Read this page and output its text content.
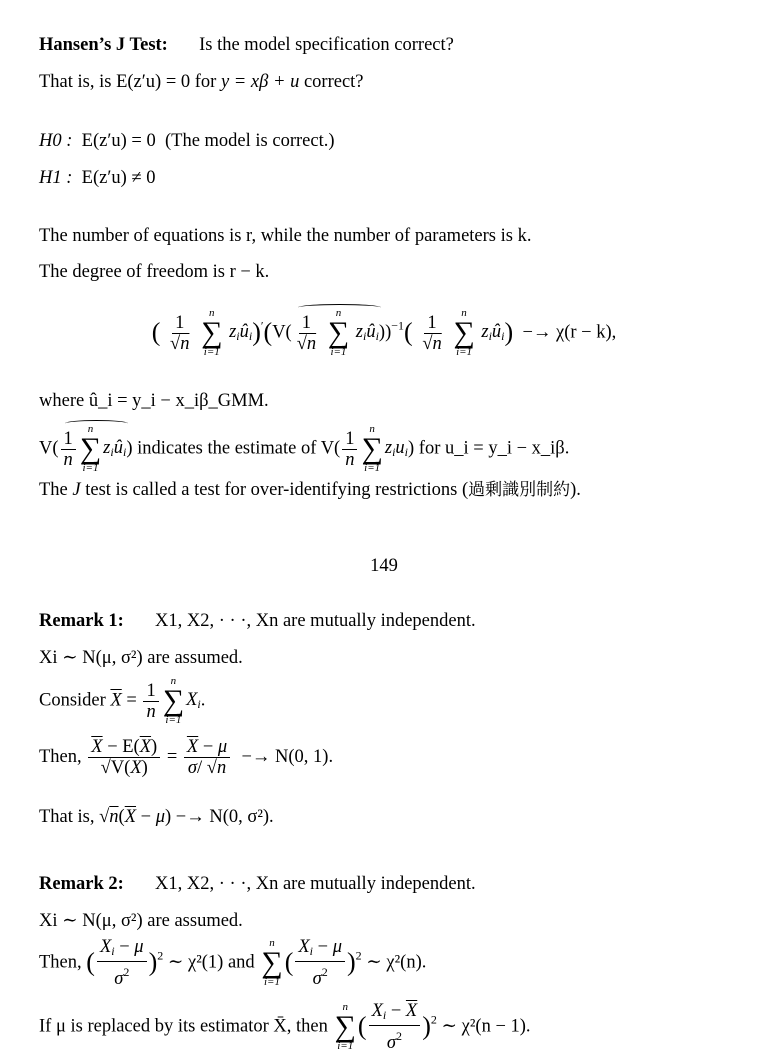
Hansen’s J Test: Is the model specification correct?
That is, is E(z′u) = 0 for y = xβ + u correct?
H0 : E(z′u) = 0 (The model is correct.)
H1 : E(z′u) ≠ 0
The number of equations is r, while the number of parameters is k.
The degree of freedom is r − k.
( $\frac{1}{√n}$

n
∑
i=1
$z_iû_i)'(V( \frac{1}{√n}$

n
∑
i=1
$z_iû_i))^{-1}( \frac{1}{√n}$

n
∑
i=1
$z_iû_i) -\to \chi(r - k)$,
where û_i = y_i − x_iβ_GMM.
$V( \frac{1}{n}$
n
∑
i=1
$z_iû_i$) indicates the estimate of $V( \frac{1}{n}$
n
∑
i=1
$z_iu_i$) for u_i = y_i − x_iβ.
The J test is called a test for over-identifying restrictions (過剰識別制約).
149
Remark 1: X1, X2, · · ·, Xn are mutually independent.
Xi ∼ N(μ, σ²) are assumed.
Consider $\overline{X} = \frac{1}{n}$
n
∑
i=1
$X_i$.
Then, $\frac{\overline{X} - E(\overline{X})}{√V(X)} = \frac{\overline{X} - \mu}{\sigma/ √n} -\to N(0$, 1).
That is, $√n(\overline{X} - \mu) -\to N(0$, σ²).
Remark 2: X1, X2, · · ·, Xn are mutually independent.
Xi ∼ N(μ, σ²) are assumed.
Then, ( $\frac{X_i - \mu}{\sigma^2} )^2$ ∼ χ²(1) and
n
∑
i=1
( $\frac{X_i - \mu}{\sigma^2} )^2$ ∼ χ²(n).
If μ is replaced by its estimator X̄, then
n
∑
i=1
( $\frac{X_i - \overline{X}}{\sigma^2} )^2$ ∼ χ²(n − 1).
